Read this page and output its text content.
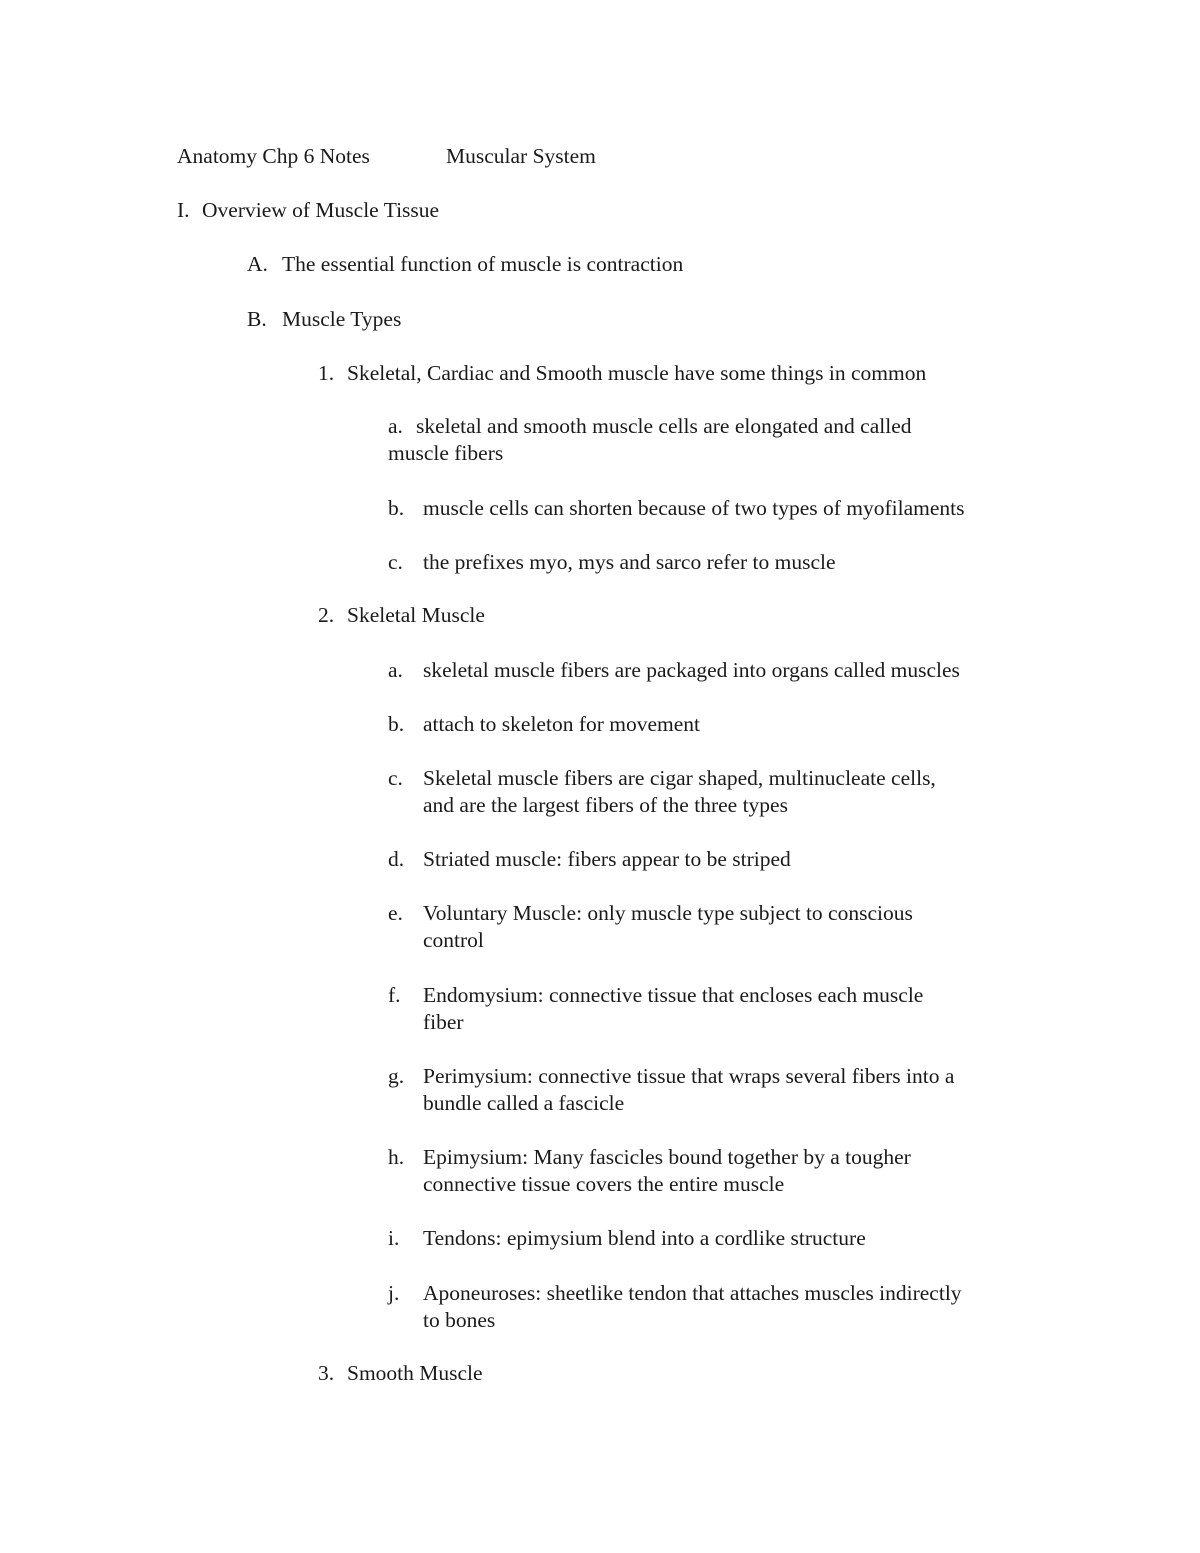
Anatomy Chp 6 Notes	Muscular System
I. Overview of Muscle Tissue
A. The essential function of muscle is contraction
B. Muscle Types
1. Skeletal, Cardiac and Smooth muscle have some things in common
a. skeletal and smooth muscle cells are elongated and called
muscle fibers
b. muscle cells can shorten because of two types of myofilaments
c. the prefixes myo, mys and sarco refer to muscle
2. Skeletal Muscle
a. skeletal muscle fibers are packaged into organs called muscles
b. attach to skeleton for movement
c. Skeletal muscle fibers are cigar shaped, multinucleate cells,
and are the largest fibers of the three types
d. Striated muscle: fibers appear to be striped
e. Voluntary Muscle: only muscle type subject to conscious
control
f. Endomysium: connective tissue that encloses each muscle
fiber
g. Perimysium: connective tissue that wraps several fibers into a
bundle called a fascicle
h. Epimysium: Many fascicles bound together by a tougher
connective tissue covers the entire muscle
i. Tendons: epimysium blend into a cordlike structure
j. Aponeuroses: sheetlike tendon that attaches muscles indirectly
to bones
3. Smooth Muscle
